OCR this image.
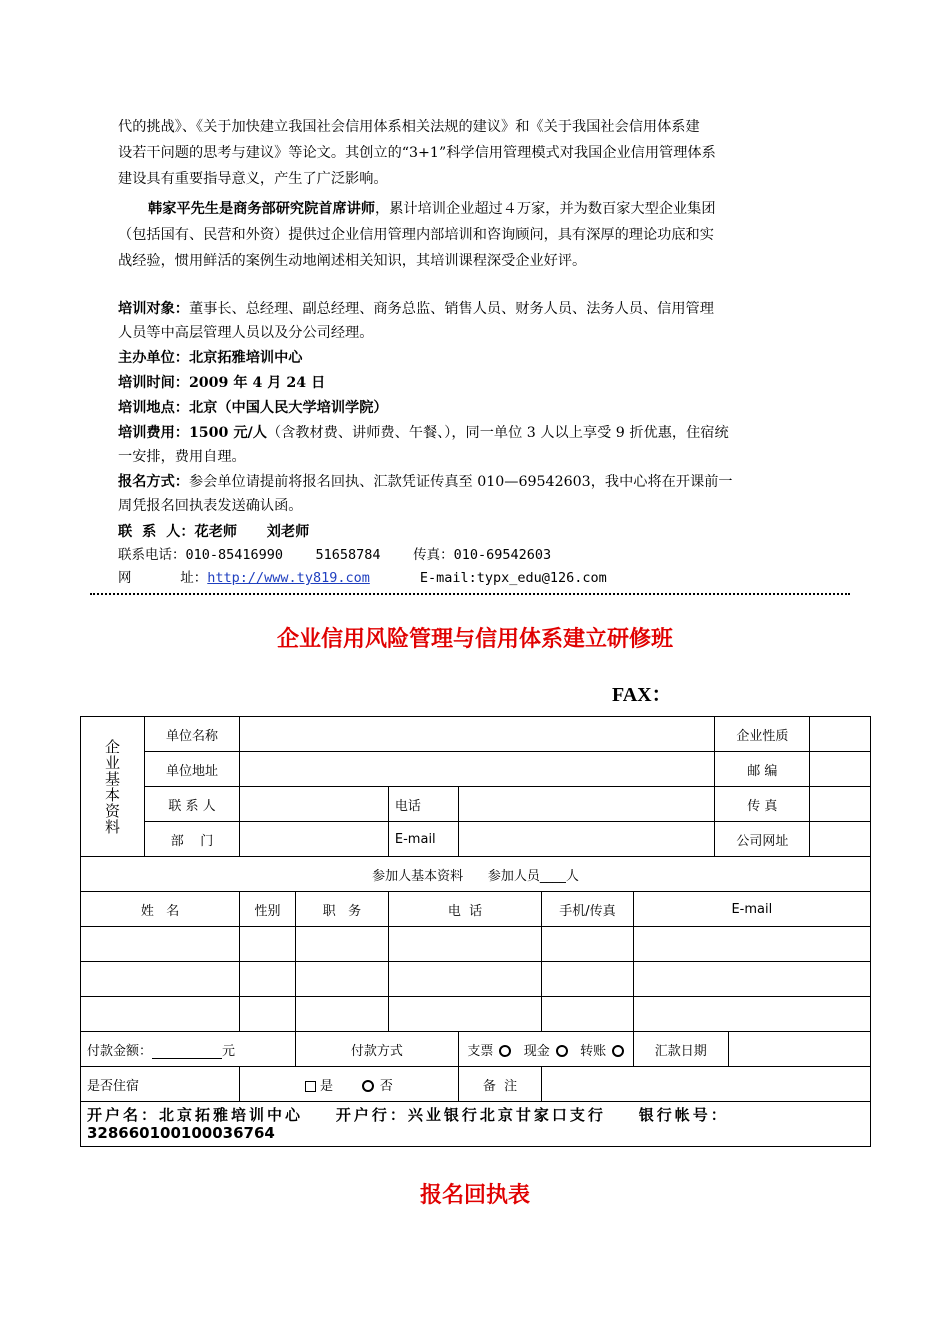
代的挑战》、《关于加快建立我国社会信用体系相关法规的建议》和《关于我国社会信用体系建

设若干问题的思考与建议》等论文。其创立的“3+1”科学信用管理模式对我国企业信用管理体系

建设具有重要指导意义，产生了广泛影响。

韩家平先生是商务部研究院首席讲师，累计培训企业超过４万家，并为数百家大型企业集团

（包括国有、民营和外资）提供过企业信用管理内部培训和咨询顾问，具有深厚的理论功底和实

战经验，惯用鲜活的案例生动地阐述相关知识，其培训课程深受企业好评。

培训对象：董事长、总经理、副总经理、商务总监、销售人员、财务人员、法务人员、信用管理

人员等中高层管理人员以及分公司经理。

主办单位：北京拓雅培训中心

培训时间：2009 年 4 月 24 日

培训地点：北京（中国人民大学培训学院）

培训费用：1500 元/人（含教材费、讲师费、午餐、），同一单位 3 人以上享受 9 折优惠，住宿统

一安排，费用自理。

报名方式：参会单位请提前将报名回执、汇款凭证传真至 010—69542603，我中心将在开课前一

周凭报名回执表发送确认函。

联  系  人：花老师      刘老师

联系电话：010-85416990    51658784    传真：010-69542603

网      址：http://www.ty819.com	E-mail:typx_edu@126.com

企业信用风险管理与信用体系建立研修班
FAX：
企业基本资料	单位名称							企业性质		
	单位地址							邮 编		
	联 系 人			电话				传 真		
	部    门			E-mail				公司网址		
参加人基本资料      参加人员____人										
姓   名		性别	职   务	电  话		手机/传真	E-mail			

付款金额： 元			付款方式		支票 现金 转账		汇款日期			
是否住宿		是 否			备  注					

开户名：北京拓雅培训中心    开户行：兴业银行北京甘家口支行    银行帐号：
328660100100036764										
报名回执表
